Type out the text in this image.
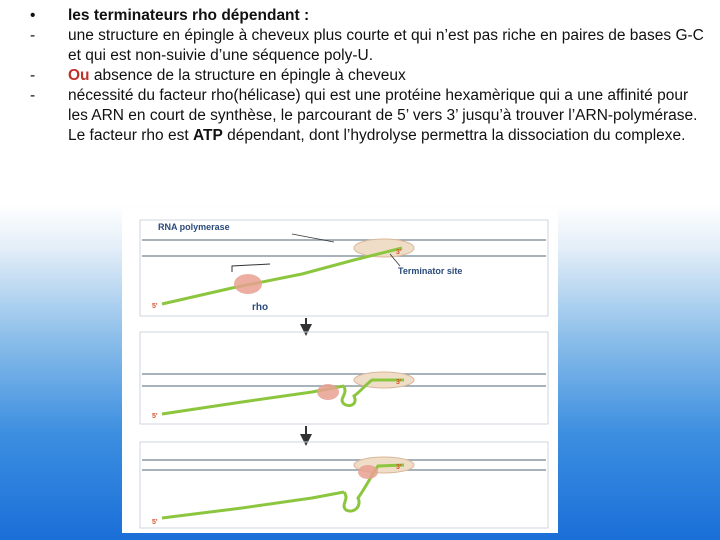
•	les terminateurs rho dépendant :
-	une structure en épingle à cheveux plus courte et qui n’est pas riche en paires de bases G-C et qui est non-suivie d’une séquence poly-U.
-	Ou absence de la structure en épingle à cheveux
-	nécessité du facteur rho(hélicase) qui est une protéine hexamèrique qui a une affinité pour les ARN en court de synthèse, le parcourant de 5’ vers 3’ jusqu’à trouver l’ARN-polymérase. Le facteur rho est ATP dépendant, dont l’hydrolyse permettra la dissociation du complexe.
RNA polymerase
Terminator site
rho
5'
3'
5'
3'
5'
3'
